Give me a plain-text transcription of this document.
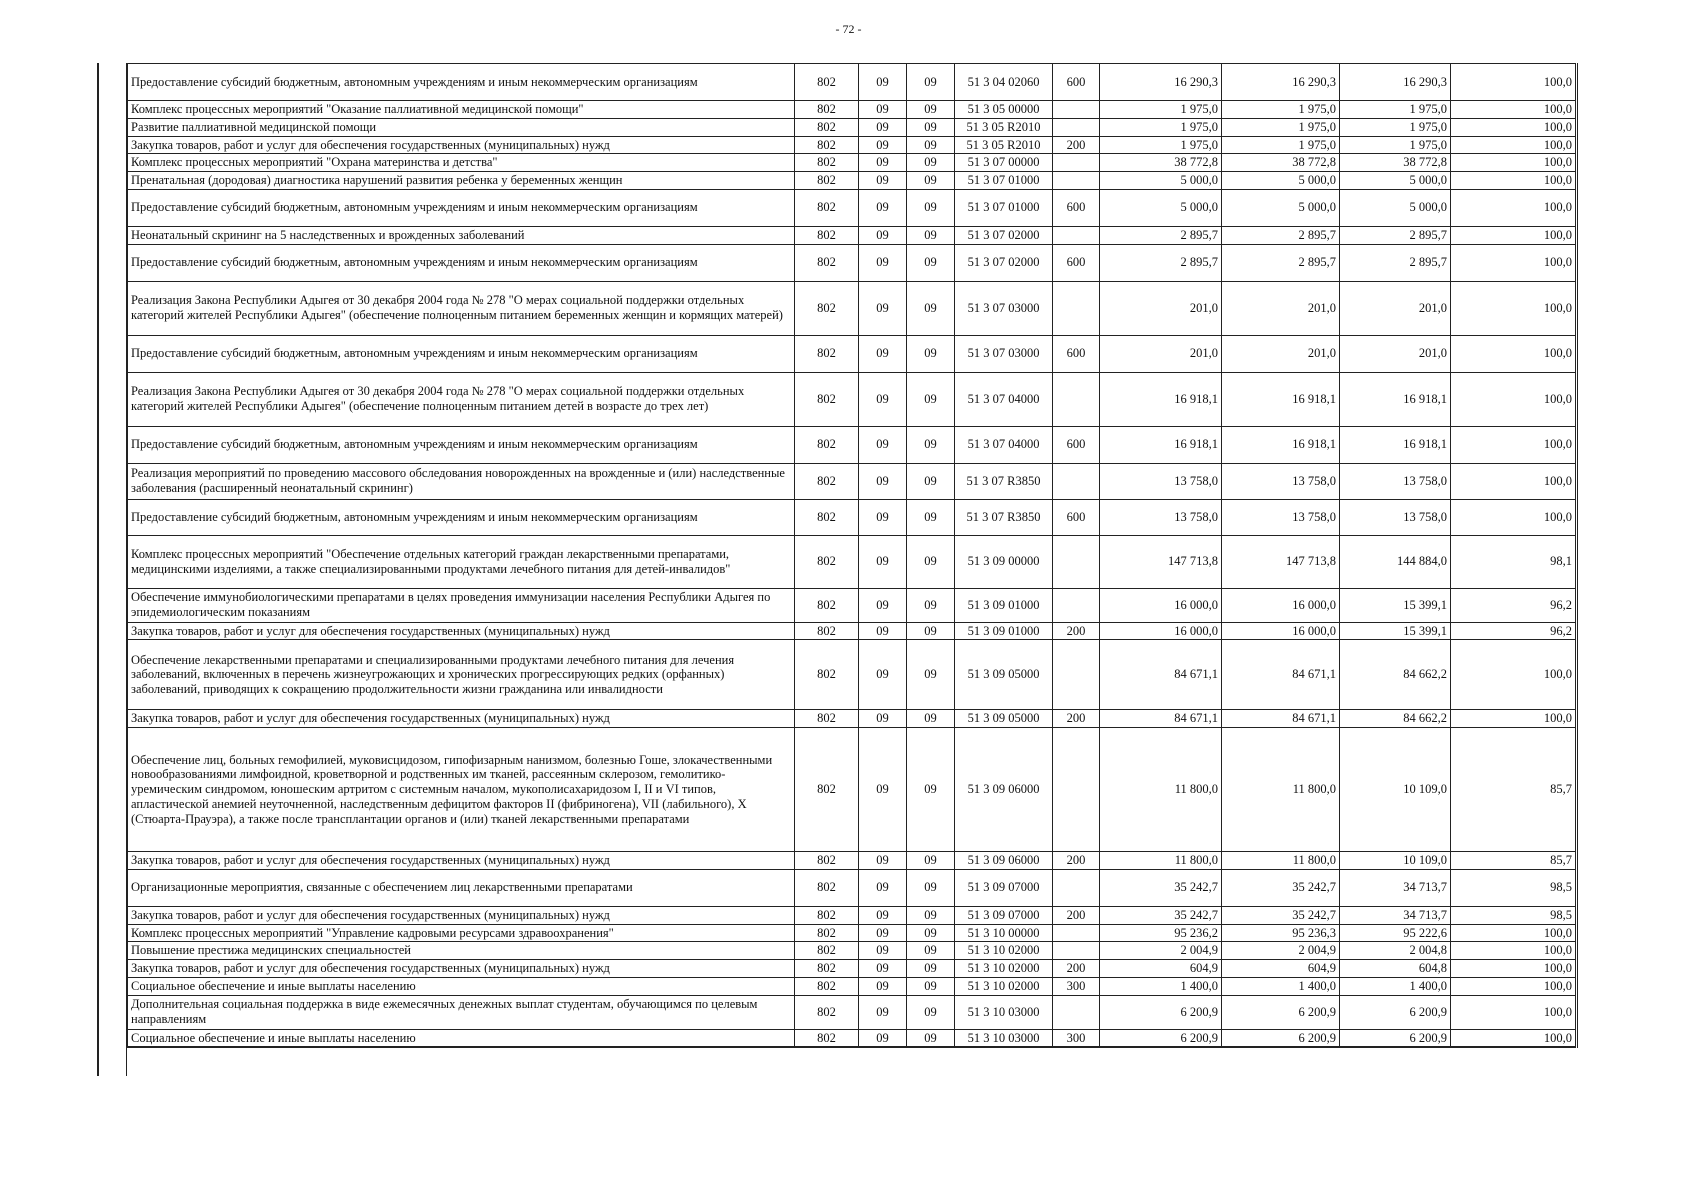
- 72 -
Предоставление субсидий бюджетным, автономным учреждениям и иным некоммерческим организациям	802	09	09	51 3 04 02060	600	16 290,3	16 290,3	16 290,3	100,0
Комплекс процессных мероприятий "Оказание паллиативной медицинской помощи"	802	09	09	51 3 05 00000		1 975,0	1 975,0	1 975,0	100,0
Развитие паллиативной медицинской помощи	802	09	09	51 3 05 R2010		1 975,0	1 975,0	1 975,0	100,0
Закупка товаров, работ и услуг для обеспечения государственных (муниципальных) нужд	802	09	09	51 3 05 R2010	200	1 975,0	1 975,0	1 975,0	100,0
Комплекс процессных мероприятий "Охрана материнства и детства"	802	09	09	51 3 07 00000		38 772,8	38 772,8	38 772,8	100,0
Пренатальная (дородовая) диагностика нарушений развития ребенка у беременных женщин	802	09	09	51 3 07 01000		5 000,0	5 000,0	5 000,0	100,0
Предоставление субсидий бюджетным, автономным учреждениям и иным некоммерческим организациям	802	09	09	51 3 07 01000	600	5 000,0	5 000,0	5 000,0	100,0
Неонатальный скрининг на 5 наследственных и врожденных заболеваний	802	09	09	51 3 07 02000		2 895,7	2 895,7	2 895,7	100,0
Предоставление субсидий бюджетным, автономным учреждениям и иным некоммерческим организациям	802	09	09	51 3 07 02000	600	2 895,7	2 895,7	2 895,7	100,0
Реализация Закона Республики Адыгея от 30 декабря 2004 года № 278 "О мерах социальной поддержки отдельных категорий жителей Республики Адыгея" (обеспечение полноценным питанием беременных женщин и кормящих матерей)	802	09	09	51 3 07 03000		201,0	201,0	201,0	100,0
Предоставление субсидий бюджетным, автономным учреждениям и иным некоммерческим организациям	802	09	09	51 3 07 03000	600	201,0	201,0	201,0	100,0
Реализация Закона Республики Адыгея от 30 декабря 2004 года № 278 "О мерах социальной поддержки отдельных категорий жителей Республики Адыгея" (обеспечение полноценным питанием детей в возрасте до трех лет)	802	09	09	51 3 07 04000		16 918,1	16 918,1	16 918,1	100,0
Предоставление субсидий бюджетным, автономным учреждениям и иным некоммерческим организациям	802	09	09	51 3 07 04000	600	16 918,1	16 918,1	16 918,1	100,0
Реализация мероприятий по проведению массового обследования новорожденных на врожденные и (или) наследственные заболевания (расширенный неонатальный скрининг)	802	09	09	51 3 07 R3850		13 758,0	13 758,0	13 758,0	100,0
Предоставление субсидий бюджетным, автономным учреждениям и иным некоммерческим организациям	802	09	09	51 3 07 R3850	600	13 758,0	13 758,0	13 758,0	100,0
Комплекс процессных мероприятий "Обеспечение отдельных категорий граждан лекарственными препаратами, медицинскими изделиями, а также специализированными продуктами лечебного питания для детей-инвалидов"	802	09	09	51 3 09 00000		147 713,8	147 713,8	144 884,0	98,1
Обеспечение иммунобиологическими препаратами в целях проведения иммунизации населения Республики Адыгея по эпидемиологическим показаниям	802	09	09	51 3 09 01000		16 000,0	16 000,0	15 399,1	96,2
Закупка товаров, работ и услуг для обеспечения государственных (муниципальных) нужд	802	09	09	51 3 09 01000	200	16 000,0	16 000,0	15 399,1	96,2
Обеспечение лекарственными препаратами и специализированными продуктами лечебного питания для лечения заболеваний, включенных в перечень жизнеугрожающих и хронических прогрессирующих редких (орфанных) заболеваний, приводящих к сокращению продолжительности жизни гражданина или инвалидности	802	09	09	51 3 09 05000		84 671,1	84 671,1	84 662,2	100,0
Закупка товаров, работ и услуг для обеспечения государственных (муниципальных) нужд	802	09	09	51 3 09 05000	200	84 671,1	84 671,1	84 662,2	100,0
Обеспечение лиц, больных гемофилией, муковисцидозом, гипофизарным нанизмом, болезнью Гоше, злокачественными новообразованиями лимфоидной, кроветворной и родственных им тканей, рассеянным склерозом, гемолитико-уремическим синдромом, юношеским артритом с системным началом, мукополисахаридозом I, II и VI типов, апластической анемией неуточненной, наследственным дефицитом факторов II (фибриногена), VII (лабильного), X (Стюарта-Прауэра), а также после трансплантации органов и (или) тканей лекарственными препаратами	802	09	09	51 3 09 06000		11 800,0	11 800,0	10 109,0	85,7
Закупка товаров, работ и услуг для обеспечения государственных (муниципальных) нужд	802	09	09	51 3 09 06000	200	11 800,0	11 800,0	10 109,0	85,7
Организационные мероприятия, связанные с обеспечением лиц лекарственными препаратами	802	09	09	51 3 09 07000		35 242,7	35 242,7	34 713,7	98,5
Закупка товаров, работ и услуг для обеспечения государственных (муниципальных) нужд	802	09	09	51 3 09 07000	200	35 242,7	35 242,7	34 713,7	98,5
Комплекс процессных мероприятий "Управление кадровыми ресурсами здравоохранения"	802	09	09	51 3 10 00000		95 236,2	95 236,3	95 222,6	100,0
Повышение престижа медицинских специальностей	802	09	09	51 3 10 02000		2 004,9	2 004,9	2 004,8	100,0
Закупка товаров, работ и услуг для обеспечения государственных (муниципальных) нужд	802	09	09	51 3 10 02000	200	604,9	604,9	604,8	100,0
Социальное обеспечение и иные выплаты населению	802	09	09	51 3 10 02000	300	1 400,0	1 400,0	1 400,0	100,0
Дополнительная социальная поддержка в виде ежемесячных денежных выплат студентам, обучающимся по целевым направлениям	802	09	09	51 3 10 03000		6 200,9	6 200,9	6 200,9	100,0
Социальное обеспечение и иные выплаты населению	802	09	09	51 3 10 03000	300	6 200,9	6 200,9	6 200,9	100,0
